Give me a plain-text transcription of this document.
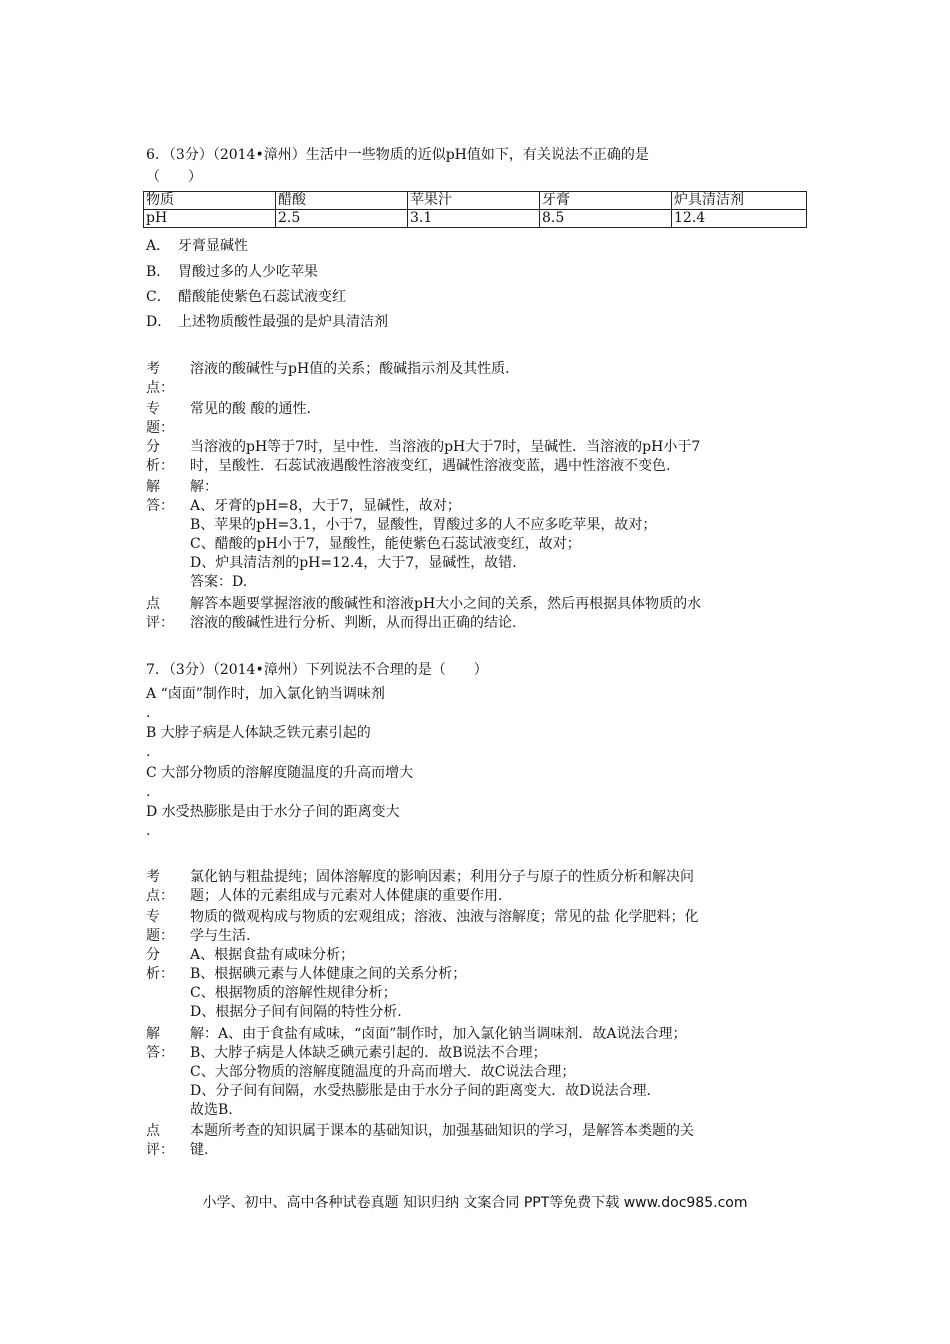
6．（3分）（2014•漳州）生活中一些物质的近似pH值如下，有关说法不正确的是
（　　）
物质	醋酸	苹果汁	牙膏	炉具清洁剂
pH	2.5	3.1	8.5	12.4
A． 牙膏显碱性
B． 胃酸过多的人少吃苹果
C． 醋酸能使紫色石蕊试液变红
D． 上述物质酸性最强的是炉具清洁剂
考
点：
溶液的酸碱性与pH值的关系；酸碱指示剂及其性质.
专
题：
常见的酸 酸的通性.
分
析：
当溶液的pH等于7时，呈中性．当溶液的pH大于7时，呈碱性．当溶液的pH小于7
时，呈酸性．石蕊试液遇酸性溶液变红，遇碱性溶液变蓝，遇中性溶液不变色.
解
答：
解：
A、牙膏的pH=8，大于7，显碱性，故对；
B、苹果的pH=3.1，小于7，显酸性，胃酸过多的人不应多吃苹果，故对；
C、醋酸的pH小于7，显酸性，能使紫色石蕊试液变红，故对；
D、炉具清洁剂的pH=12.4，大于7，显碱性，故错.
答案：D.
点
评：
解答本题要掌握溶液的酸碱性和溶液pH大小之间的关系，然后再根据具体物质的水
溶液的酸碱性进行分析、判断，从而得出正确的结论.
7．（3分）（2014•漳州）下列说法不合理的是（　　）
A “卤面”制作时，加入氯化钠当调味剂
.
B 大脖子病是人体缺乏铁元素引起的
.
C 大部分物质的溶解度随温度的升高而增大
.
D 水受热膨胀是由于水分子间的距离变大
.
考
点：
氯化钠与粗盐提纯；固体溶解度的影响因素；利用分子与原子的性质分析和解决问
题；人体的元素组成与元素对人体健康的重要作用.
专
题：
物质的微观构成与物质的宏观组成；溶液、浊液与溶解度；常见的盐 化学肥料；化
学与生活.
分
析：
A、根据食盐有咸味分析；
B、根据碘元素与人体健康之间的关系分析；
C、根据物质的溶解性规律分析；
D、根据分子间有间隔的特性分析.
解
答：
解：A、由于食盐有咸味，“卤面”制作时，加入氯化钠当调味剂．故A说法合理；
B、大脖子病是人体缺乏碘元素引起的．故B说法不合理；
C、大部分物质的溶解度随温度的升高而增大．故C说法合理；
D、分子间有间隔，水受热膨胀是由于水分子间的距离变大．故D说法合理．
故选B.
点
评：
本题所考查的知识属于课本的基础知识，加强基础知识的学习，是解答本类题的关
键.
小学、初中、高中各种试卷真题 知识归纳 文案合同 PPT等免费下载 www.doc985.com
